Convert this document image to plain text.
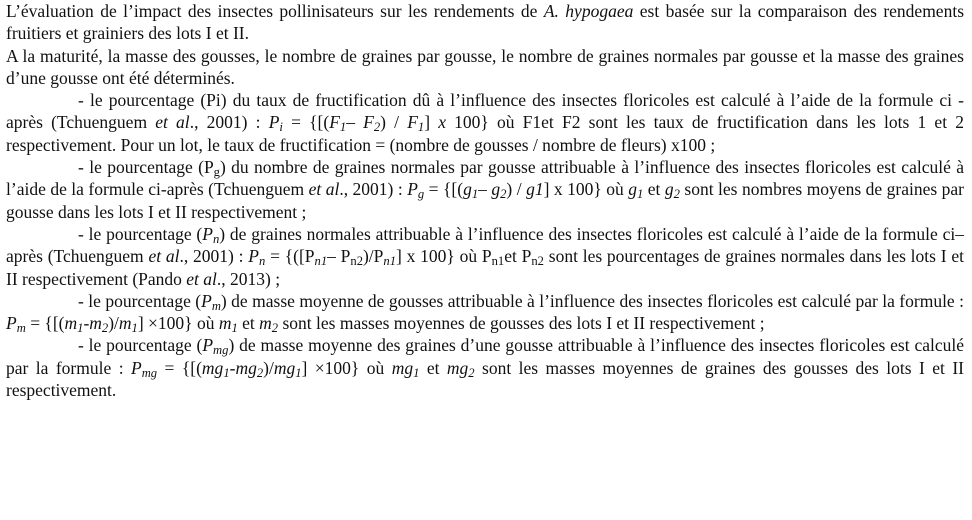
L’évaluation de l’impact des insectes pollinisateurs sur les rendements de A. hypogaea est basée sur la comparaison des rendements fruitiers et grainiers des lots I et II.

A la maturité, la masse des gousses, le nombre de graines par gousse, le nombre de graines normales par gousse et la masse des graines d’une gousse ont été déterminés.

- le pourcentage (Pi) du taux de fructification dû à l’influence des insectes floricoles est calculé à l’aide de la formule ci - après (Tchuenguem et al., 2001) : $P_i = \{[(F_1-$ $F_2) / F_1$] x 100} où F1et F2 sont les taux de fructification dans les lots 1 et 2 respectivement. Pour un lot, le taux de fructification = (nombre de gousses / nombre de fleurs) x100 ;

- le pourcentage $(P_g)$ du nombre de graines normales par gousse attribuable à l’influence des insectes floricoles est calculé à l’aide de la formule ci-après (Tchuenguem et al., 2001) : $P_g = \{[(g_1-$ $g_2) / g1$] x 100} où $g_1$ et $g_2$ sont les nombres moyens de graines par gousse dans les lots I et II respectivement ;

- le pourcentage $(P_n)$ de graines normales attribuable à l’influence des insectes floricoles est calculé à l’aide de la formule ci–après (Tchuenguem et al., 2001) : $P_n = \{([P_{n1}-$ $P_{n2})/P_{n1}$] x 100} où $P_{n1}et$ $P_{n2}$ sont les pourcentages de graines normales dans les lots I et II respectivement (Pando et al., 2013) ;

- le pourcentage $(P_m)$ de masse moyenne de gousses attribuable à l’influence des insectes floricoles est calculé par la formule : $P_m = \{[(m_1-m_2)/m_1] \times 100\}$ où $m_1$ et $m_2$ sont les masses moyennes de gousses des lots I et II respectivement ;

- le pourcentage $(P_{mg})$ de masse moyenne des graines d’une gousse attribuable à l’influence des insectes floricoles est calculé par la formule : $P_{mg} = \{[(mg_1-mg_2)/mg_1] \times 100\}$ où $mg_1$ et $mg_2$ sont les masses moyennes de graines des gousses des lots I et II respectivement.
